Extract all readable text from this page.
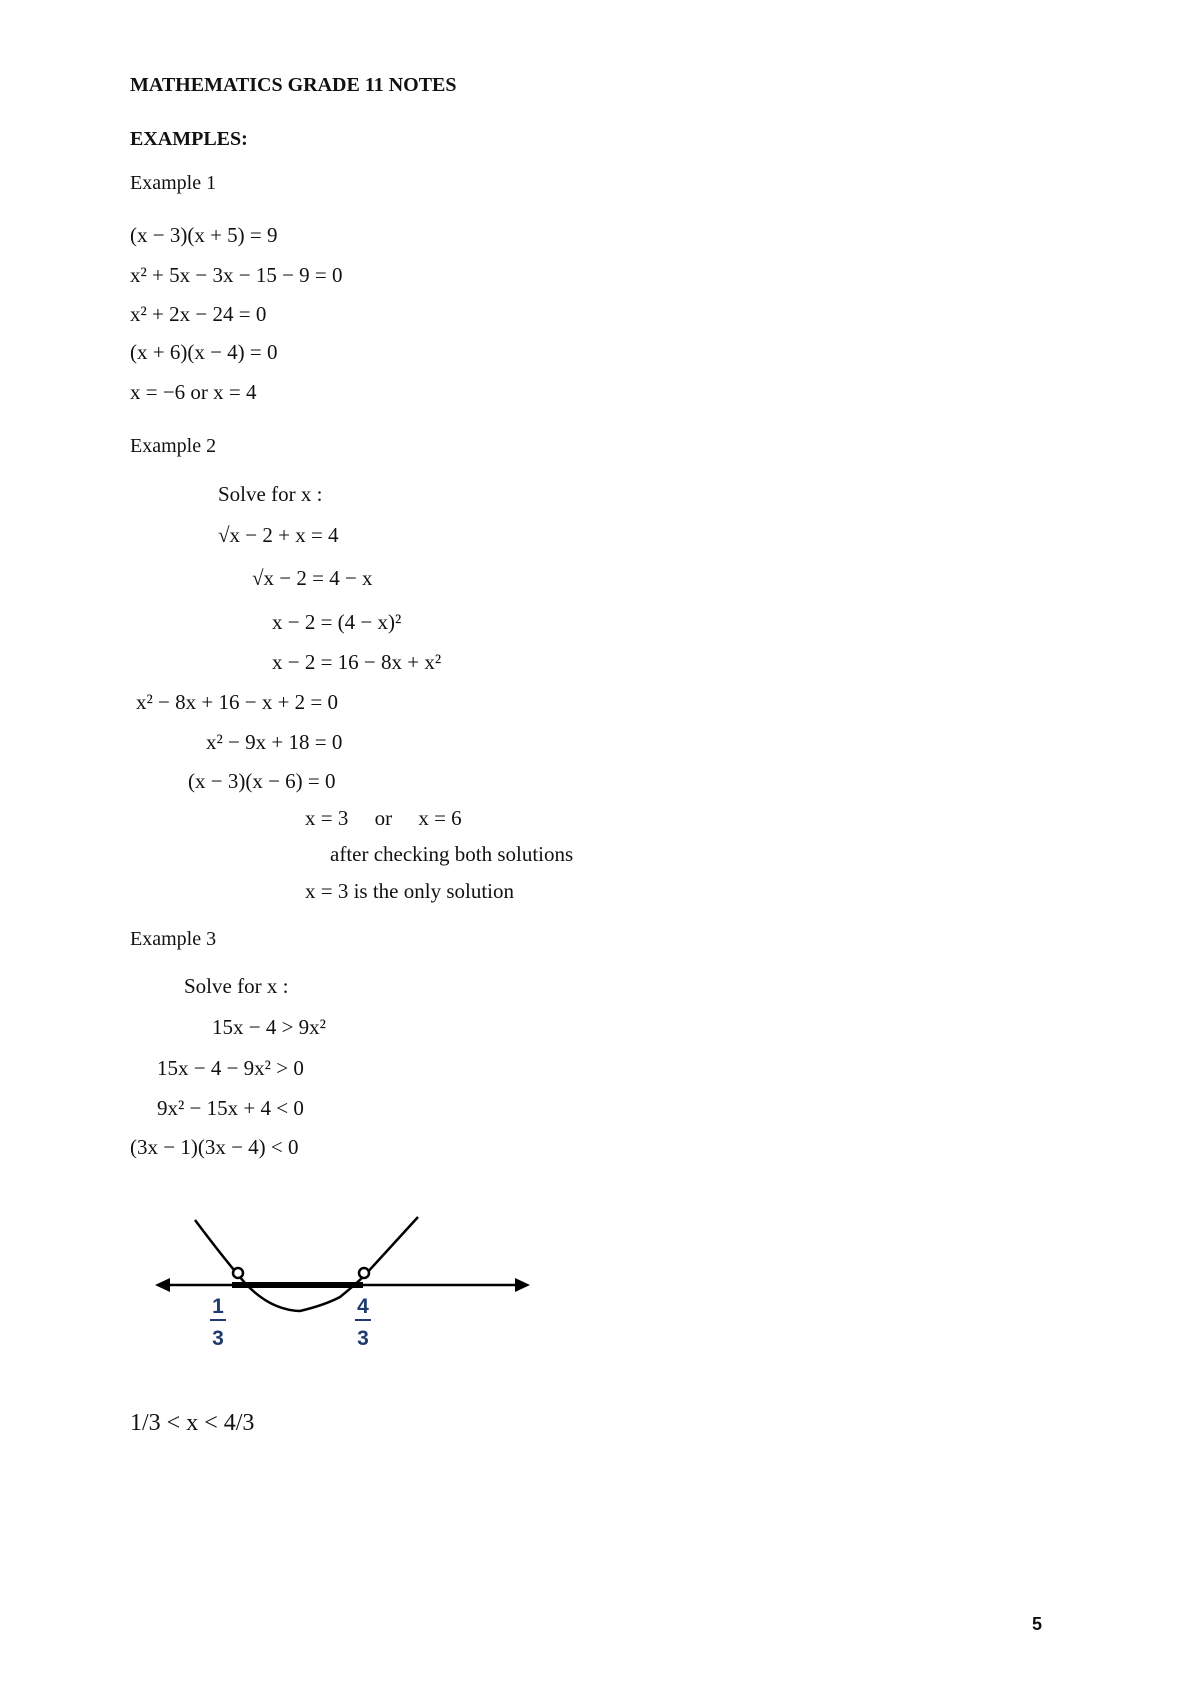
MATHEMATICS GRADE 11 NOTES
EXAMPLES:
Example 1
(x − 3)(x + 5) = 9
x² + 5x − 3x − 15 − 9 = 0
x² + 2x − 24 = 0
(x + 6)(x − 4) = 0
x = −6 or x = 4
Example 2
Solve for x :
√x − 2 + x = 4
√x − 2 = 4 − x
x − 2 = (4 − x)²
x − 2 = 16 − 8x + x²
x² − 8x + 16 − x + 2 = 0
x² − 9x + 18 = 0
(x − 3)(x − 6) = 0
x = 3     or     x = 6
after checking both solutions
x = 3 is the only solution
Example 3
Solve for x :
15x − 4 > 9x²
15x − 4 − 9x² > 0
9x² − 15x + 4 < 0
(3x − 1)(3x − 4) < 0
1
3
4
3
1/3 < x < 4/3
5
